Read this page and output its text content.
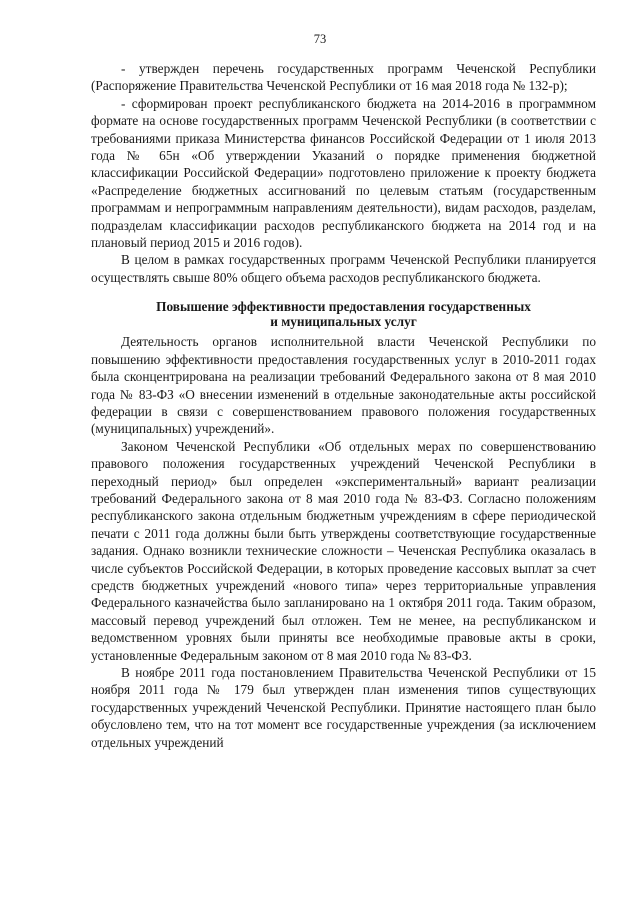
73

- утвержден перечень государственных программ Чеченской Республики (Распоряжение Правительства Чеченской Республики от 16 мая 2018 года № 132-р);

- сформирован проект республиканского бюджета на 2014-2016 в программном формате на основе государственных программ Чеченской Республики (в соответствии с требованиями приказа Министерства финансов Российской Федерации от 1 июля 2013 года № 65н «Об утверждении Указаний о порядке применения бюджетной классификации Российской Федерации» подготовлено приложение к проекту бюджета «Распределение бюджетных ассигнований по целевым статьям (государственным программам и непрограммным направлениям деятельности), видам расходов, разделам, подразделам классификации расходов республиканского бюджета на 2014 год и на плановый период 2015 и 2016 годов).

В целом в рамках государственных программ Чеченской Республики планируется осуществлять свыше 80% общего объема расходов республиканского бюджета.

Повышение эффективности предоставления государственных
и муниципальных услуг

Деятельность органов исполнительной власти Чеченской Республики по повышению эффективности предоставления государственных услуг в 2010-2011 годах была сконцентрирована на реализации требований Федерального закона от 8 мая 2010 года № 83-ФЗ «О внесении изменений в отдельные законодательные акты российской федерации в связи с совершенствованием правового положения государственных (муниципальных) учреждений».

Законом Чеченской Республики «Об отдельных мерах по совершенствованию правового положения государственных учреждений Чеченской Республики в переходный период» был определен «экспериментальный» вариант реализации требований Федерального закона от 8 мая 2010 года № 83-ФЗ. Согласно положениям республиканского закона отдельным бюджетным учреждениям в сфере периодической печати с 2011 года должны были быть утверждены соответствующие государственные задания. Однако возникли технические сложности – Чеченская Республика оказалась в числе субъектов Российской Федерации, в которых проведение кассовых выплат за счет средств бюджетных учреждений «нового типа» через территориальные управления Федерального казначейства было запланировано на 1 октября 2011 года. Таким образом, массовый перевод учреждений был отложен. Тем не менее, на республиканском и ведомственном уровнях были приняты все необходимые правовые акты в сроки, установленные Федеральным законом от 8 мая 2010 года № 83-ФЗ.

В ноябре 2011 года постановлением Правительства Чеченской Республики от 15 ноября 2011 года № 179 был утвержден план изменения типов существующих государственных учреждений Чеченской Республики. Принятие настоящего план было обусловлено тем, что на тот момент все государственные учреждения (за исключением отдельных учреждений
